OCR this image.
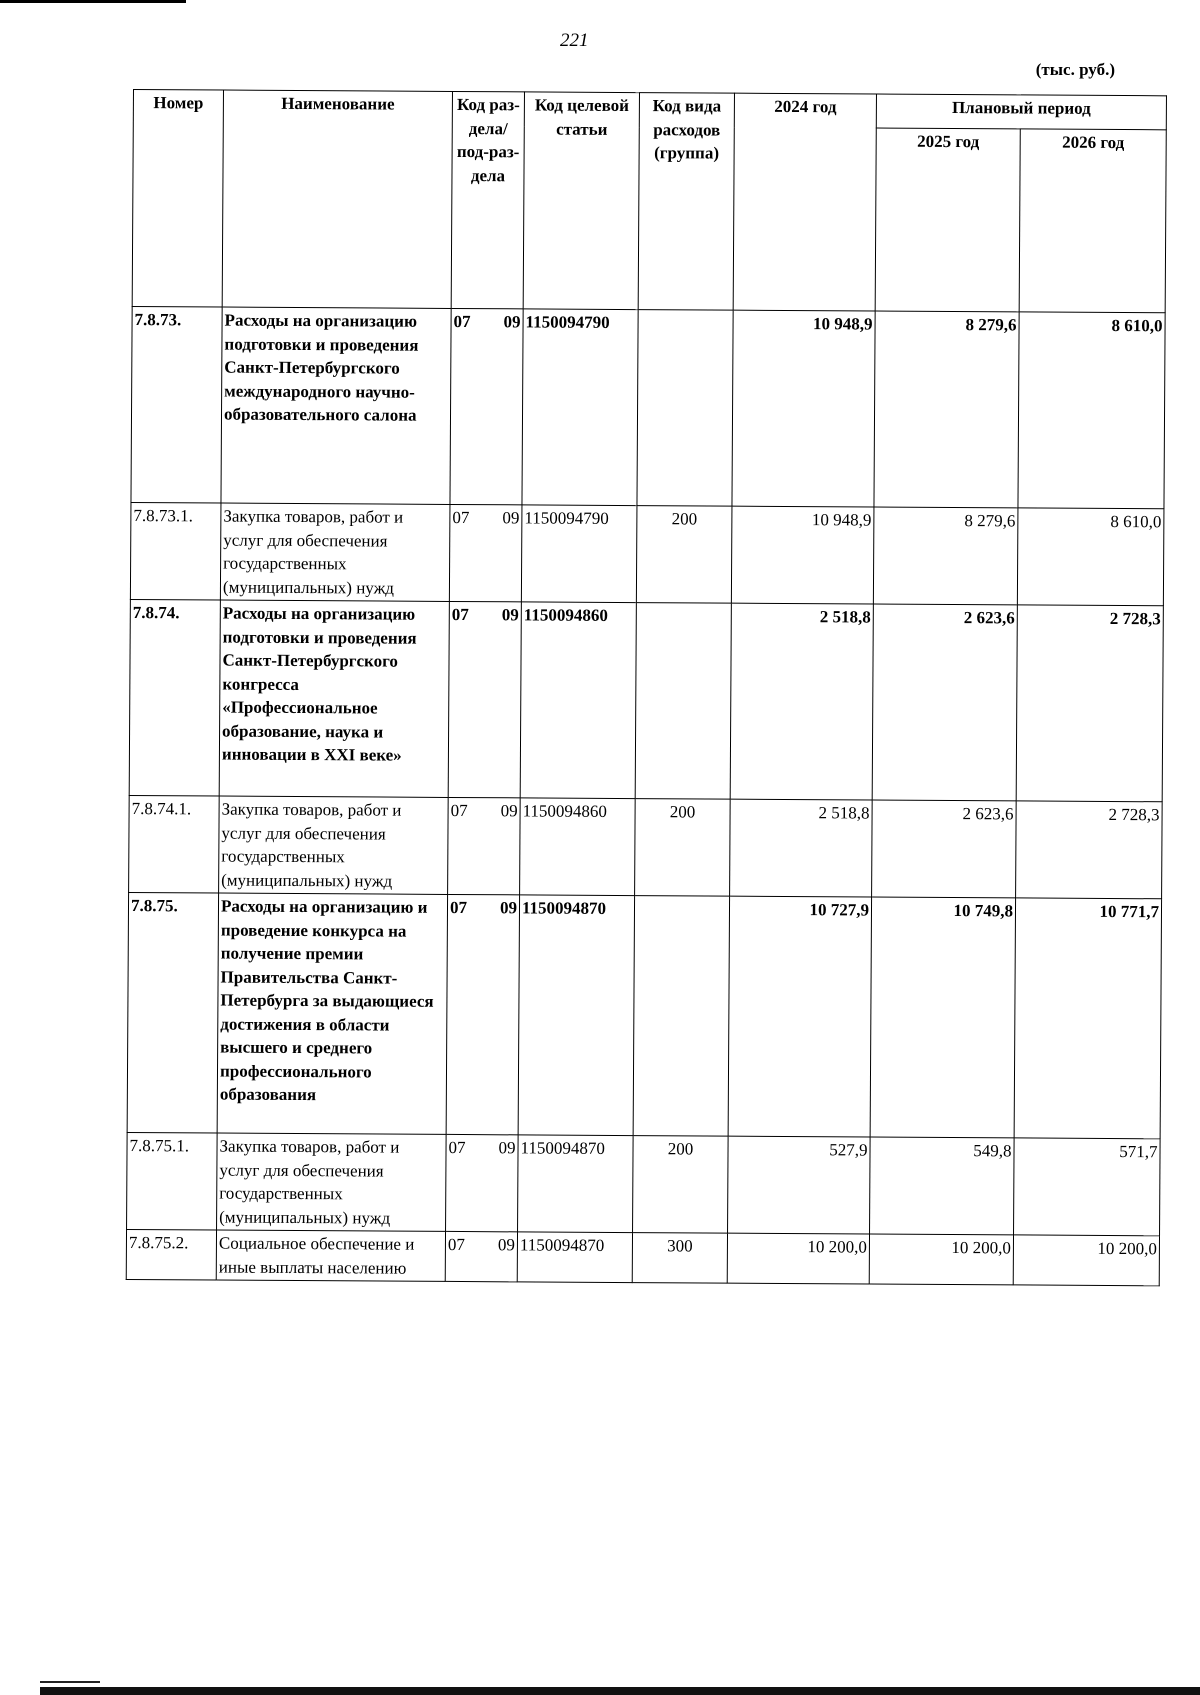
221
(тыс. руб.)
Номер	Наименование	Код раз-дела/ под-раз-дела	Код целевой статьи	Код вида расходов (группа)	2024 год	Плановый период	
						2025 год	2026 год
7.8.73.	Расходы на организацию подготовки и проведения Санкт-Петербургского международного научно-образовательного салона	07 09	1150094790		10 948,9	8 279,6	8 610,0
7.8.73.1.	Закупка товаров, работ и услуг для обеспечения государственных (муниципальных) нужд	07 09	1150094790	200	10 948,9	8 279,6	8 610,0
7.8.74.	Расходы на организацию подготовки и проведения Санкт-Петербургского конгресса «Профессиональное образование, наука и инновации в XXI веке»	07 09	1150094860		2 518,8	2 623,6	2 728,3
7.8.74.1.	Закупка товаров, работ и услуг для обеспечения государственных (муниципальных) нужд	07 09	1150094860	200	2 518,8	2 623,6	2 728,3
7.8.75.	Расходы на организацию и проведение конкурса на получение премии Правительства Санкт-Петербурга за выдающиеся достижения в области высшего и среднего профессионального образования	07 09	1150094870		10 727,9	10 749,8	10 771,7
7.8.75.1.	Закупка товаров, работ и услуг для обеспечения государственных (муниципальных) нужд	07 09	1150094870	200	527,9	549,8	571,7
7.8.75.2.	Социальное обеспечение и иные выплаты населению	07 09	1150094870	300	10 200,0	10 200,0	10 200,0
